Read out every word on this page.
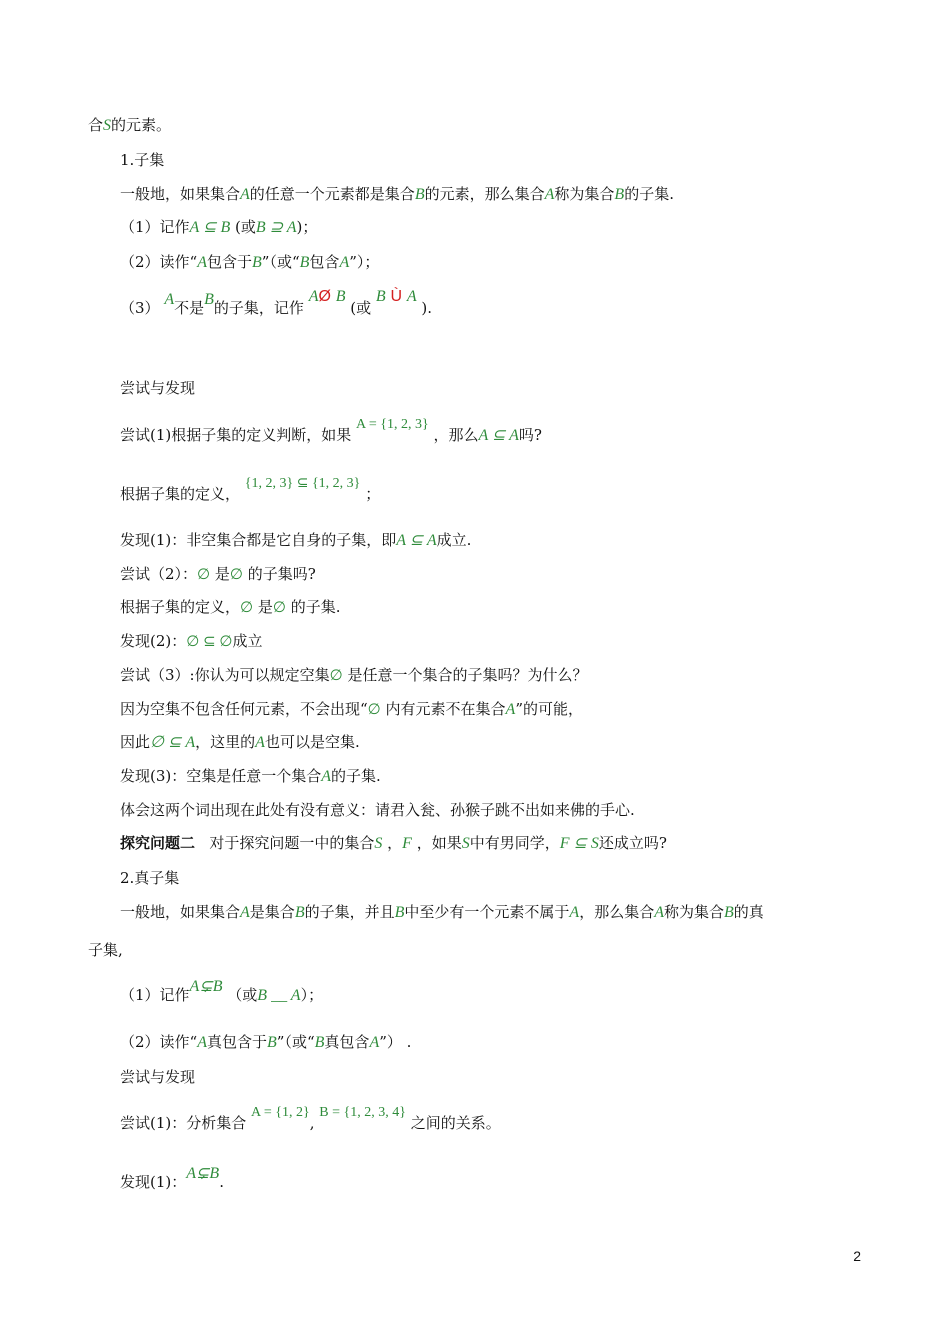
合S的元素。
1.子集
一般地，如果集合A的任意一个元素都是集合B的元素，那么集合A称为集合B的子集.
（1）记作A ⊆ B (或B ⊇ A)；
（2）读作“A包含于B”（或“B包含A”）；
（3） A不是B的子集，记作 AØ B (或 B Ù A ).
尝试与发现
尝试(1)根据子集的定义判断，如果 A = {1, 2, 3} ，那么A ⊆ A吗?
根据子集的定义， {1, 2, 3} ⊆ {1, 2, 3} ；
发现(1)：非空集合都是它自身的子集，即A ⊆ A成立.
尝试（2）：∅ 是∅ 的子集吗?
根据子集的定义，∅ 是∅ 的子集.
发现(2)：∅ ⊆ ∅成立
尝试（3）:你认为可以规定空集∅ 是任意一个集合的子集吗？为什么？
因为空集不包含任何元素，不会出现“∅ 内有元素不在集合A”的可能，
因此∅ ⊆ A，这里的A也可以是空集.
发现(3)：空集是任意一个集合A的子集.
体会这两个词出现在此处有没有意义：请君入瓮、孙猴子跳不出如来佛的手心.
探究问题二 对于探究问题一中的集合S ，F ，如果S中有男同学，F ⊆ S还成立吗?
2.真子集
一般地，如果集合A是集合B的子集，并且B中至少有一个元素不属于A，那么集合A称为集合B的真
子集,
（1）记作A⊊B （或B __ A）；
（2）读作“A真包含于B”（或“B真包含A”） .
尝试与发现
尝试(1)：分析集合 A = {1, 2}, B = {1, 2, 3, 4} 之间的关系。
发现(1)：A⊊B.
2
